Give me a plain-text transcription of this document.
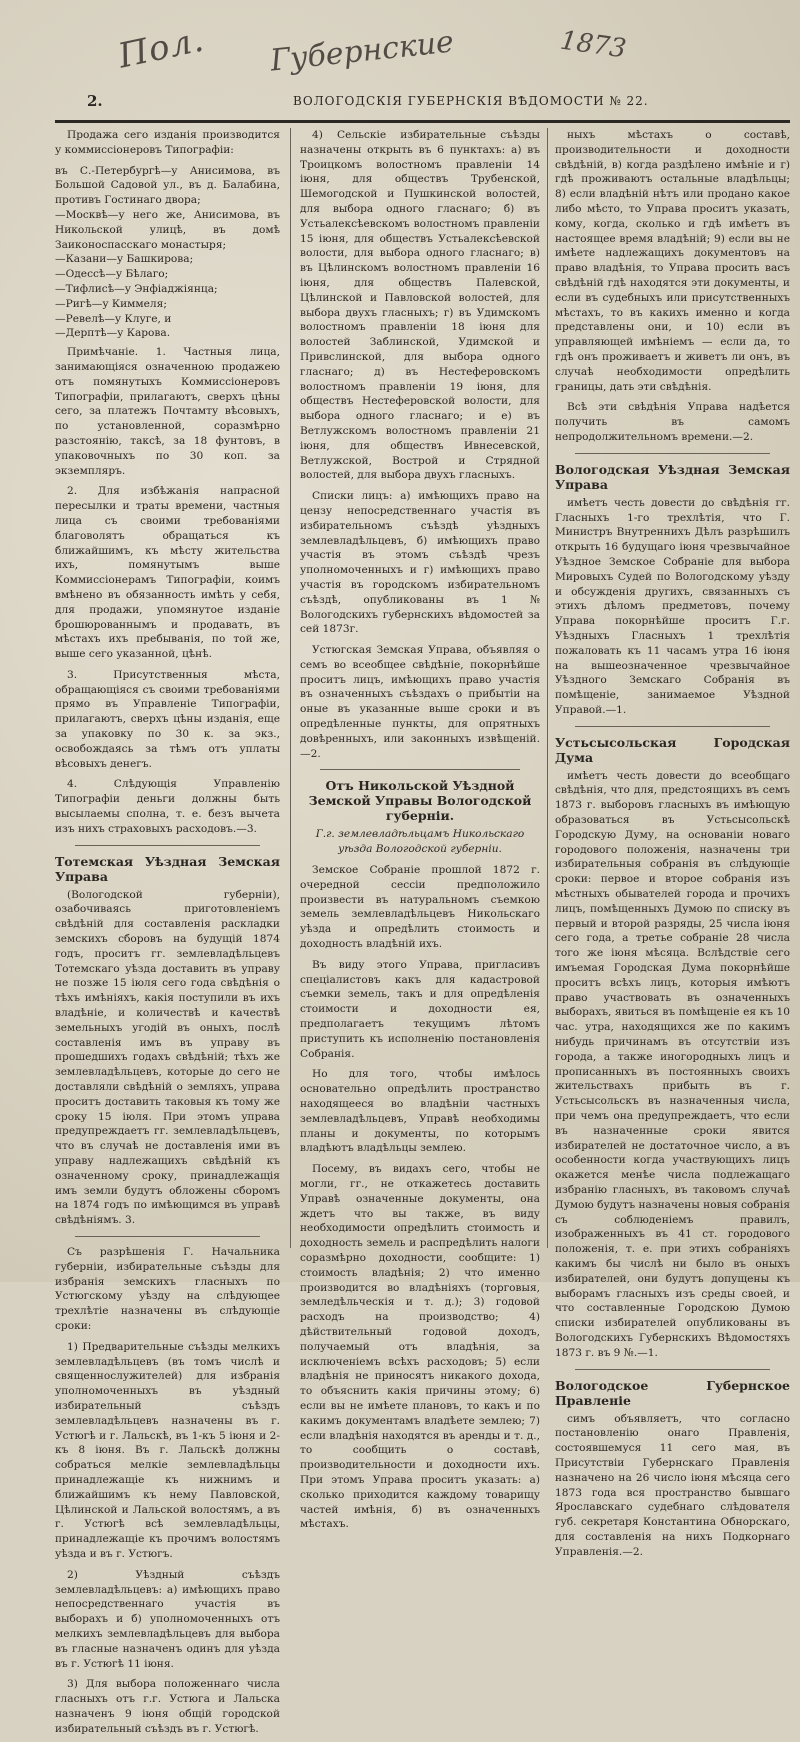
Пол. Губернские	1873
2.	ВОЛОГОДСКІЯ ГУБЕРНСКІЯ ВѢДОМОСТИ № 22.

Продажа сего изданія производится у коммиссіонеровъ Типографіи:

въ С.-Петербургѣ—у Анисимова, въ Большой Садовой ул., въ д. Балабина, противъ Гостинаго двора;

—Москвѣ—у него же, Анисимова, въ Никольской улицѣ, въ домѣ Заиконоспасскаго монастыря;

—Казани—у Башкирова;

—Одессѣ—у Бѣлаго;

—Тифлисѣ—у Энфіаджіянца;

—Ригѣ—у Киммеля;

—Ревелѣ—у Клуге, и

—Дерптѣ—у Карова.

Примѣчаніе. 1. Частныя лица, занимающіяся означенною продажею отъ помянутыхъ Коммиссіонеровъ Типографіи, прилагаютъ, сверхъ цѣны сего, за платежъ Почтамту вѣсовыхъ, по установленной, соразмѣрно разстоянію, таксѣ, за 18 фунтовъ, в упаковочныхъ по 30 коп. за экземпляръ.

2. Для избѣжанія напрасной пересылки и траты времени, частныя лица съ своими требованіями благоволятъ обращаться къ ближайшимъ, къ мѣсту жительства ихъ, помянутымъ выше Коммиссіонерамъ Типографіи, коимъ вмѣнено въ обязанность имѣть у себя, для продажи, упомянутое изданіе брошюрованнымъ и продавать, въ мѣстахъ ихъ пребыванія, по той же, выше сего указанной, цѣнѣ.

3. Присутственныя мѣста, обращающіяся съ своими требованіями прямо въ Управленіе Типографіи, прилагаютъ, сверхъ цѣны изданія, еще за упаковку по 30 к. за экз., освобождаясь за тѣмъ отъ уплаты вѣсовыхъ денегъ.

4. Слѣдующія Управленію Типографіи деньги должны быть высылаемы сполна, т. е. безъ вычета изъ нихъ страховыхъ расходовъ.—3.

Тотемская Уѣздная Земская Управа

(Вологодской губерніи), озабочиваясь приготовленіемъ свѣдѣній для составленія раскладки земскихъ сборовъ на будущій 1874 годъ, проситъ гг. землевладѣльцевъ Тотемскаго уѣзда доставить въ управу не позже 15 іюля сего года свѣдѣнія о тѣхъ имѣніяхъ, какія поступили въ ихъ владѣніе, и количествѣ и качествѣ земельныхъ угодій въ оныхъ, послѣ составленія имъ въ управу въ прошедшихъ годахъ свѣдѣній; тѣхъ же землевладѣльцевъ, которые до сего не доставляли свѣдѣній о земляхъ, управа проситъ доставить таковыя къ тому же сроку 15 іюля. При этомъ управа предупреждаетъ гг. землевладѣльцевъ, что въ случаѣ не доставленія ими въ управу надлежащихъ свѣдѣній къ означенному сроку, принадлежащія имъ земли будутъ обложены сборомъ на 1874 годъ по имѣющимся въ управѣ свѣдѣніямъ. 3.

Съ разрѣшенія Г. Начальника губерніи, избирательные съѣзды для избранія земскихъ гласныхъ по Устюгскому уѣзду на слѣдующее трехлѣтіе назначены въ слѣдующіе сроки:

1) Предварительные съѣзды мелкихъ землевладѣльцевъ (въ томъ числѣ и священнослужителей) для избранія уполномоченныхъ въ уѣздный избирательный съѣздъ землевладѣльцевъ назначены въ г. Устюгѣ и г. Лальскѣ, въ 1-къ 5 іюня и 2-къ 8 іюня. Въ г. Лальскѣ должны собраться мелкіе землевладѣльцы принадлежащіе къ нижнимъ и ближайшимъ къ нему Павловской, Цѣлинской и Лальской волостямъ, а въ г. Устюгѣ всѣ землевладѣльцы, принадлежащіе къ прочимъ волостямъ уѣзда и въ г. Устюгъ.

2) Уѣздный съѣздъ землевладѣльцевъ: а) имѣющихъ право непосредственнаго участія въ выборахъ и б) уполномоченныхъ отъ мелкихъ землевладѣльцевъ для выбора въ гласные назначенъ одинъ для уѣзда въ г. Устюгѣ 11 іюня.

3) Для выбора положеннаго числа гласныхъ отъ г.г. Устюга и Лальска назначенъ 9 іюня общій городской избирательный съѣздъ въ г. Устюгѣ.

4) Сельскіе избирательные съѣзды назначены открыть въ 6 пунктахъ: а) въ Троицкомъ волостномъ правленіи 14 іюня, для обществъ Трубенской, Шемогодской и Пушкинской волостей, для выбора одного гласнаго; б) въ Устьалексѣевскомъ волостномъ правленіи 15 іюня, для обществъ Устьалексѣевской волости, для выбора одного гласнаго; в) въ Цѣлинскомъ волостномъ правленіи 16 іюня, для обществъ Палевской, Цѣлинской и Павловской волостей, для выбора двухъ гласныхъ; г) въ Удимскомъ волостномъ правленіи 18 іюня для волостей Заблинской, Удимской и Привслинской, для выбора одного гласнаго; д) въ Нестеферовскомъ волостномъ правленіи 19 іюня, для обществъ Нестеферовской волости, для выбора одного гласнаго; и е) въ Ветлужскомъ волостномъ правленіи 21 іюня, для обществъ Ивнесевской, Ветлужской, Вострой и Стрядной волостей, для выбора двухъ гласныхъ.

Списки лицъ: а) имѣющихъ право на цензу непосредственнаго участія въ избирательномъ съѣздѣ уѣздныхъ землевладѣльцевъ, б) имѣющихъ право участія въ этомъ съѣздѣ чрезъ уполномоченныхъ и г) имѣющихъ право участія въ городскомъ избирательномъ съѣздѣ, опубликованы въ 1 № Вологодскихъ губернскихъ вѣдомостей за сей 1873г.

Устюгская Земская Управа, объявляя о семъ во всеобщее свѣдѣніе, покорнѣйше проситъ лицъ, имѣющихъ право участія въ означенныхъ съѣздахъ о прибытіи на оные въ указанные выше сроки и въ опредѣленные пункты, для опрятныхъ довѣренныхъ, или законныхъ извѣщеній.—2.

Отъ Никольской Уѣздной Земской Управы Вологодской губерніи.

Г.г. землевладѣльцамъ Никольскаго уѣзда Вологодской губерніи.

Земское Собраніе прошлой 1872 г. очередной сессіи предположило произвести въ натуральномъ съемкою земель землевладѣльцевъ Никольскаго уѣзда и опредѣлить стоимость и доходность владѣній ихъ.

Въ виду этого Управа, пригласивъ спеціалистовъ какъ для кадастровой съемки земель, такъ и для опредѣленія стоимости и доходности ея, предполагаетъ текущимъ лѣтомъ приступить къ исполненію постановленія Собранія.

Но для того, чтобы имѣлось основательно опредѣлить пространство находящееся во владѣніи частныхъ землевладѣльцевъ, Управѣ необходимы планы и документы, по которымъ владѣютъ владѣльцы землею.

Посему, въ видахъ сего, чтобы не могли, гг., не откажетесь доставить Управѣ означенные документы, она ждетъ что вы также, въ виду необходимости опредѣлить стоимость и доходность земель и распредѣлить налоги соразмѣрно доходности, сообщите: 1) стоимость владѣнія; 2) что именно производится во владѣніяхъ (торговыя, земледѣльческія и т. д.); 3) годовой расходъ на производство; 4) дѣйствительный годовой доходъ, получаемый отъ владѣнія, за исключеніемъ всѣхъ расходовъ; 5) если владѣнія не приносятъ никакого дохода, то объяснить какія причины этому; 6) если вы не имѣете плановъ, то какъ и по какимъ документамъ владѣете землею; 7) если владѣнія находятся въ аренды и т. д., то сообщить о составѣ, производительности и доходности ихъ. При этомъ Управа проситъ указать: а) сколько приходится каждому товарищу частей имѣнія, б) въ означенныхъ мѣстахъ.

ныхъ мѣстахъ о составѣ, производительности и доходности свѣдѣній, в) когда раздѣлено имѣніе и г) гдѣ проживаютъ остальные владѣльцы; 8) если владѣній нѣтъ или продано какое либо мѣсто, то Управа проситъ указать, кому, когда, сколько и гдѣ имѣетъ въ настоящее время владѣній; 9) если вы не имѣете надлежащихъ документовъ на право владѣнія, то Управа просить васъ свѣдѣній гдѣ находятся эти документы, и если въ судебныхъ или присутственныхъ мѣстахъ, то въ какихъ именно и когда представлены они, и 10) если въ управляющей имѣніемъ — если да, то гдѣ онъ проживаетъ и живетъ ли онъ, въ случаѣ необходимости опредѣлить границы, дать эти свѣдѣнія.

Всѣ эти свѣдѣнія Управа надѣется получить въ самомъ непродолжительномъ времени.—2.

Вологодская Уѣздная Земская Управа

имѣетъ честь довести до свѣдѣнія гг. Гласныхъ 1-го трехлѣтія, что Г. Министръ Внутреннихъ Дѣлъ разрѣшилъ открыть 16 будущаго іюня чрезвычайное Уѣздное Земское Собраніе для выбора Мировыхъ Судей по Вологодскому уѣзду и обсужденія другихъ, связанныхъ съ этихъ дѣломъ предметовъ, почему Управа покорнѣйше проситъ Г.г. Уѣздныхъ Гласныхъ 1 трехлѣтія пожаловать къ 11 часамъ утра 16 іюня на вышеозначенное чрезвычайное Уѣздного Земскаго Собранія въ помѣщеніе, занимаемое Уѣздной Управой.—1.

Устьсысольская Городская Дума

имѣетъ честь довести до всеобщаго свѣдѣнія, что для, предстоящихъ въ семъ 1873 г. выборовъ гласныхъ въ имѣющую образоваться въ Устьсысольскѣ Городскую Думу, на основаніи новаго городового положенія, назначены три избирательныя собранія въ слѣдующіе сроки: первое и второе собранія изъ мѣстныхъ обывателей города и прочихъ лицъ, помѣщенныхъ Думою по списку въ первый и второй разряды, 25 числа іюня сего года, а третье собраніе 28 числа того же іюня мѣсяца. Вслѣдствіе сего имъемая Городская Дума покорнѣйше проситъ всѣхъ лицъ, которыя имѣютъ право участвовать въ означенныхъ выборахъ, явиться въ помѣщеніе ея къ 10 час. утра, находящихся же по какимъ нибудь причинамъ въ отсутствіи изъ города, а также иногородныхъ лицъ и прописанныхъ въ постоянныхъ своихъ жительствахъ прибыть въ г. Устьсысольскъ въ назначенныя числа, при чемъ она предупреждаетъ, что если въ назначенные сроки явится избирателей не достаточное число, а въ особенности когда участвующихъ лицъ окажется менѣе числа подлежащаго избранію гласныхъ, въ таковомъ случаѣ Думою будутъ назначены новыя собранія съ соблюденіемъ правилъ, изображенныхъ въ 41 ст. городового положенія, т. е. при этихъ собраніяхъ какимъ бы числѣ ни было въ оныхъ избирателей, они будутъ допущены къ выборамъ гласныхъ изъ среды своей, и что составленные Городскою Думою списки избирателей опубликованы въ Вологодскихъ Губернскихъ Вѣдомостяхъ 1873 г. въ 9 №.—1.

Вологодское Губернское Правленіе

симъ объявляетъ, что согласно постановленію онаго Правленія, состоявшемуся 11 сего мая, въ Присутствіи Губернскаго Правленія назначено на 26 число іюня мѣсяца сего 1873 года вся пространство бывшаго Ярославскаго судебнаго слѣдователя губ. секретаря Константина Обнорскаго, для составленія на нихъ Подкорнаго Управленія.—2.
